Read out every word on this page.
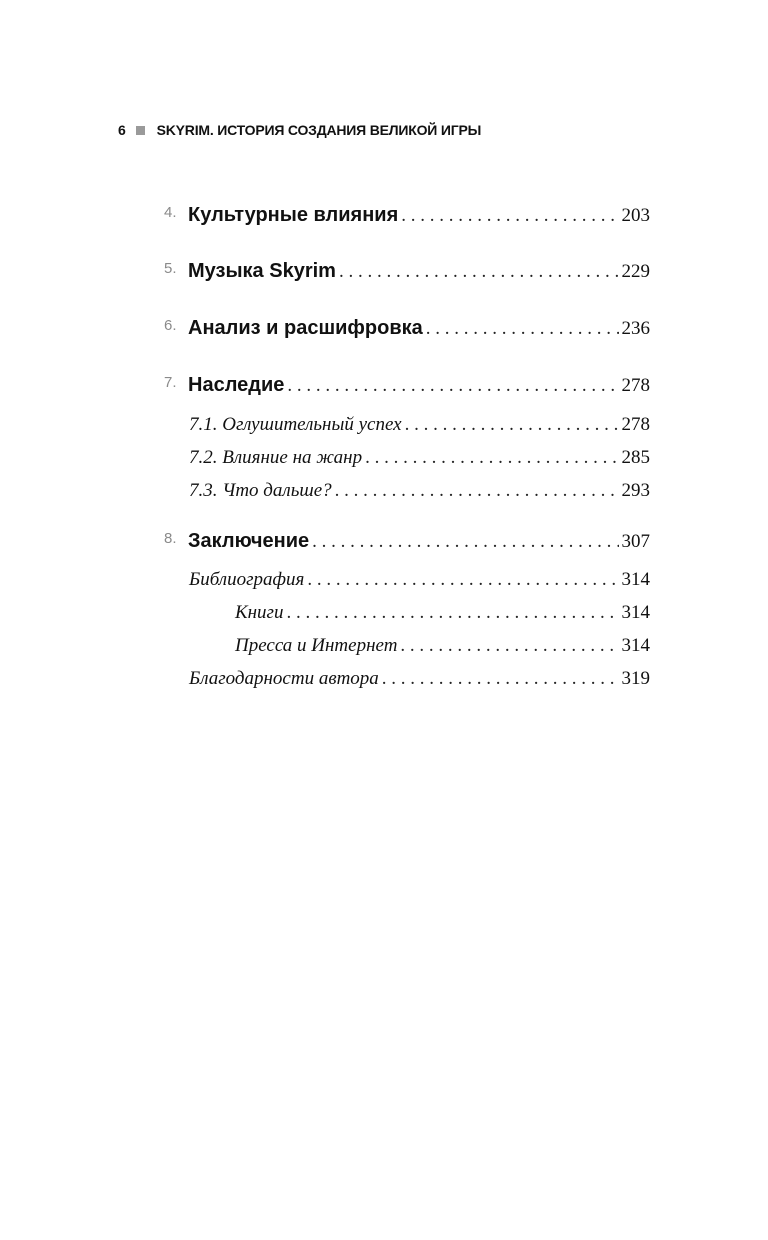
6 SKYRIM. ИСТОРИЯ СОЗДАНИЯ ВЕЛИКОЙ ИГРЫ
4. Культурные влияния . . .	203
5. Музыка Skyrim . . .	229
6. Анализ и расшифровка . . .	236
7. Наследие . . .	278
7.1. Оглушительный успех . . .	278
7.2. Влияние на жанр . . .	285
7.3. Что дальше? . . .	293
8. Заключение . . .	307
Библиография . . .	314
Книги . . .	314
Пресса и Интернет . . .	314
Благодарности автора . . .	319
